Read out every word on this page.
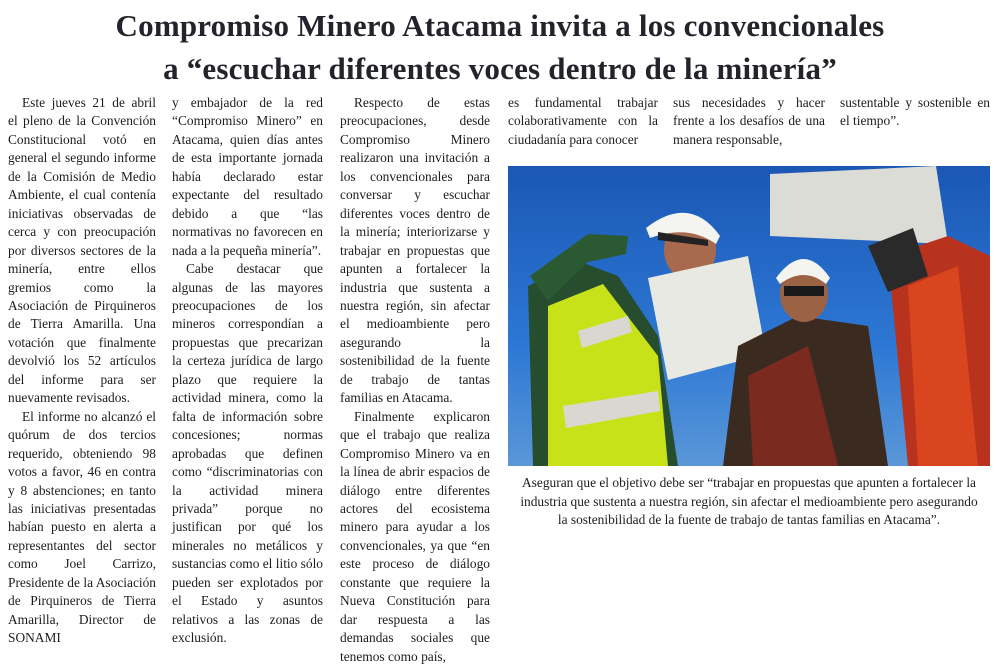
Compromiso Minero Atacama invita a los convencionales
a “escuchar diferentes voces dentro de la minería”

Este jueves 21 de abril el pleno de la Convención Constitucional votó en general el segundo informe de la Comisión de Medio Ambiente, el cual contenía iniciativas observadas de cerca y con preocupación por diversos sectores de la minería, entre ellos gremios como la Asociación de Pirquineros de Tierra Amarilla. Una votación que finalmente devolvió los 52 artículos del informe para ser nuevamente revisados.

El informe no alcanzó el quórum de dos tercios requerido, obteniendo 98 votos a favor, 46 en contra y 8 abstenciones; en tanto las iniciativas presentadas habían puesto en alerta a representantes del sector como Joel Carrizo, Presidente de la Asociación de Pirquineros de Tierra Amarilla, Director de SONAMI

y embajador de la red “Compromiso Minero” en Atacama, quien días antes de esta importante jornada había declarado estar expectante del resultado debido a que “las normativas no favorecen en nada a la pequeña minería”.

Cabe destacar que algunas de las mayores preocupaciones de los mineros correspondían a propuestas que precarizan la certeza jurídica de largo plazo que requiere la actividad minera, como la falta de información sobre concesiones; normas aprobadas que definen como “discriminatorias con la actividad minera privada” porque no justifican por qué los minerales no metálicos y sustancias como el litio sólo pueden ser explotados por el Estado y asuntos relativos a las zonas de exclusión.

Respecto de estas preocupaciones, desde Compromiso Minero realizaron una invitación a los convencionales para conversar y escuchar diferentes voces dentro de la minería; interiorizarse y trabajar en propuestas que apunten a fortalecer la industria que sustenta a nuestra región, sin afectar el medioambiente pero asegurando la sostenibilidad de la fuente de trabajo de tantas familias en Atacama.

Finalmente explicaron que el trabajo que realiza Compromiso Minero va en la línea de abrir espacios de diálogo entre diferentes actores del ecosistema minero para ayudar a los convencionales, ya que “en este proceso de diálogo constante que requiere la Nueva Constitución para dar respuesta a las demandas sociales que tenemos como país,

es fundamental trabajar colaborativamente con la ciudadanía para conocer

sus necesidades y hacer frente a los desafíos de una manera responsable,

sustentable y sostenible en el tiempo”.

Aseguran que el objetivo debe ser “trabajar en propuestas que apunten a fortalecer la industria que sustenta a nuestra región, sin afectar el medioambiente pero asegurando la sostenibilidad de la fuente de trabajo de tantas familias en Atacama”.
